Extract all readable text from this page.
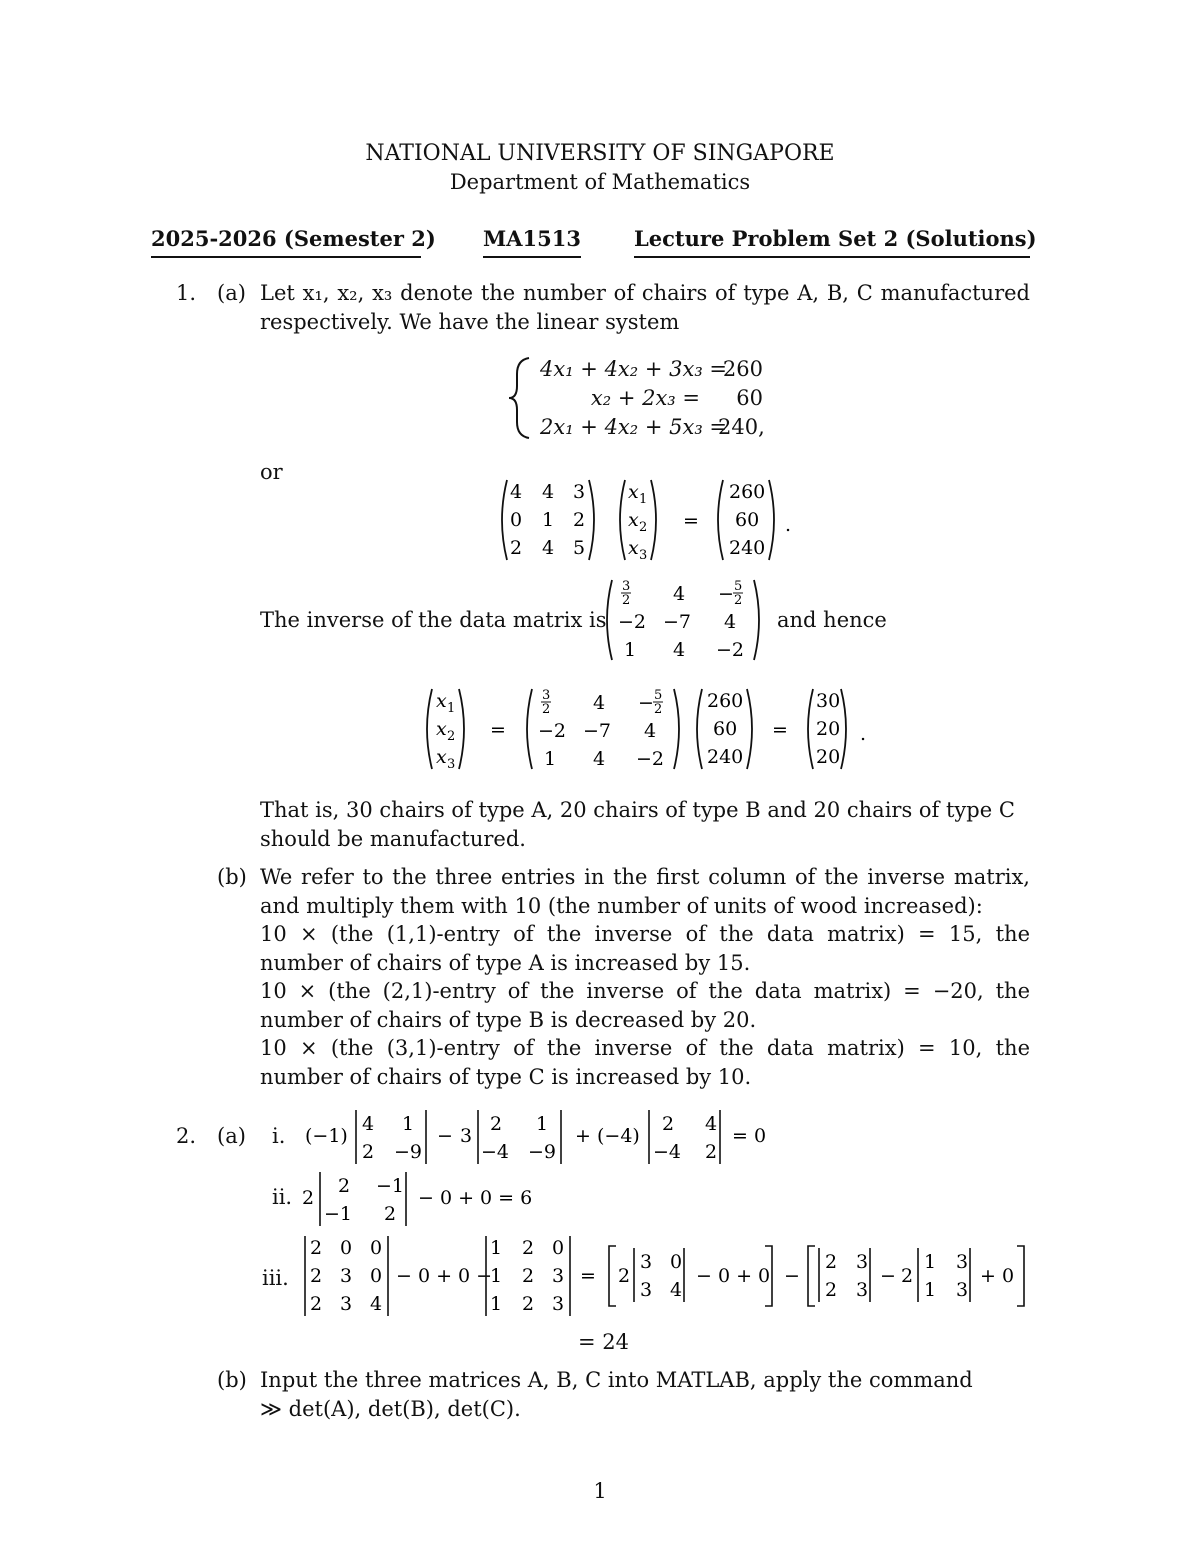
NATIONAL UNIVERSITY OF SINGAPORE
Department of Mathematics
2025-2026 (Semester 2) MA1513	Lecture Problem Set 2 (Solutions)
1. (a) Let x₁, x₂, x₃ denote the number of chairs of type A, B, C manufactured respectively. We have the linear system
4x₁ + 4x₂ + 3x₃ =
260
x₂ + 2x₃ =	60
2x₁ + 4x₂ + 5x₃ =
240,
or
4 4 3
0 1 2
2 4 5
x 1
x 2
x 3
=
260
60
240
.
The inverse of the data matrix is
3
2 4 − 5
2
−2 −7 4
1 4 −2
and hence
x 1
x 2
x 3
=
3
2 4 − 5
2
−2 −7 4
1 4 −2
260
60
240
=
30
20
20
.
That is, 30 chairs of type A, 20 chairs of type B and 20 chairs of type C should be manufactured.
(b) We refer to the three entries in the first column of the inverse matrix, and multiply them with 10 (the number of units of wood increased):
10 × (the (1,1)-entry of the inverse of the data matrix) = 15, the number of chairs of type A is increased by 15.
10 × (the (2,1)-entry of the inverse of the data matrix) = −20, the number of chairs of type B is decreased by 20.
10 × (the (3,1)-entry of the inverse of the data matrix) = 10, the number of chairs of type C is increased by 10.
2. (a) i. (−1)
4 1
2 −9
− 3
2 1
−4 −9
+ (−4)
2 4
−4 2
= 0
ii. 2
2 −1
−1 2
− 0 + 0 = 6
iii.
2 0 0
2 3 0
2 3 4
− 0 + 0 −
1 2 0
1 2 3
1 2 3
= 2
3 0
3 4
− 0 + 0 −
2 3
2 3
− 2
1 3
1 3
+ 0
= 24
(b) Input the three matrices A, B, C into MATLAB, apply the command
≫ det(A), det(B), det(C).
1
